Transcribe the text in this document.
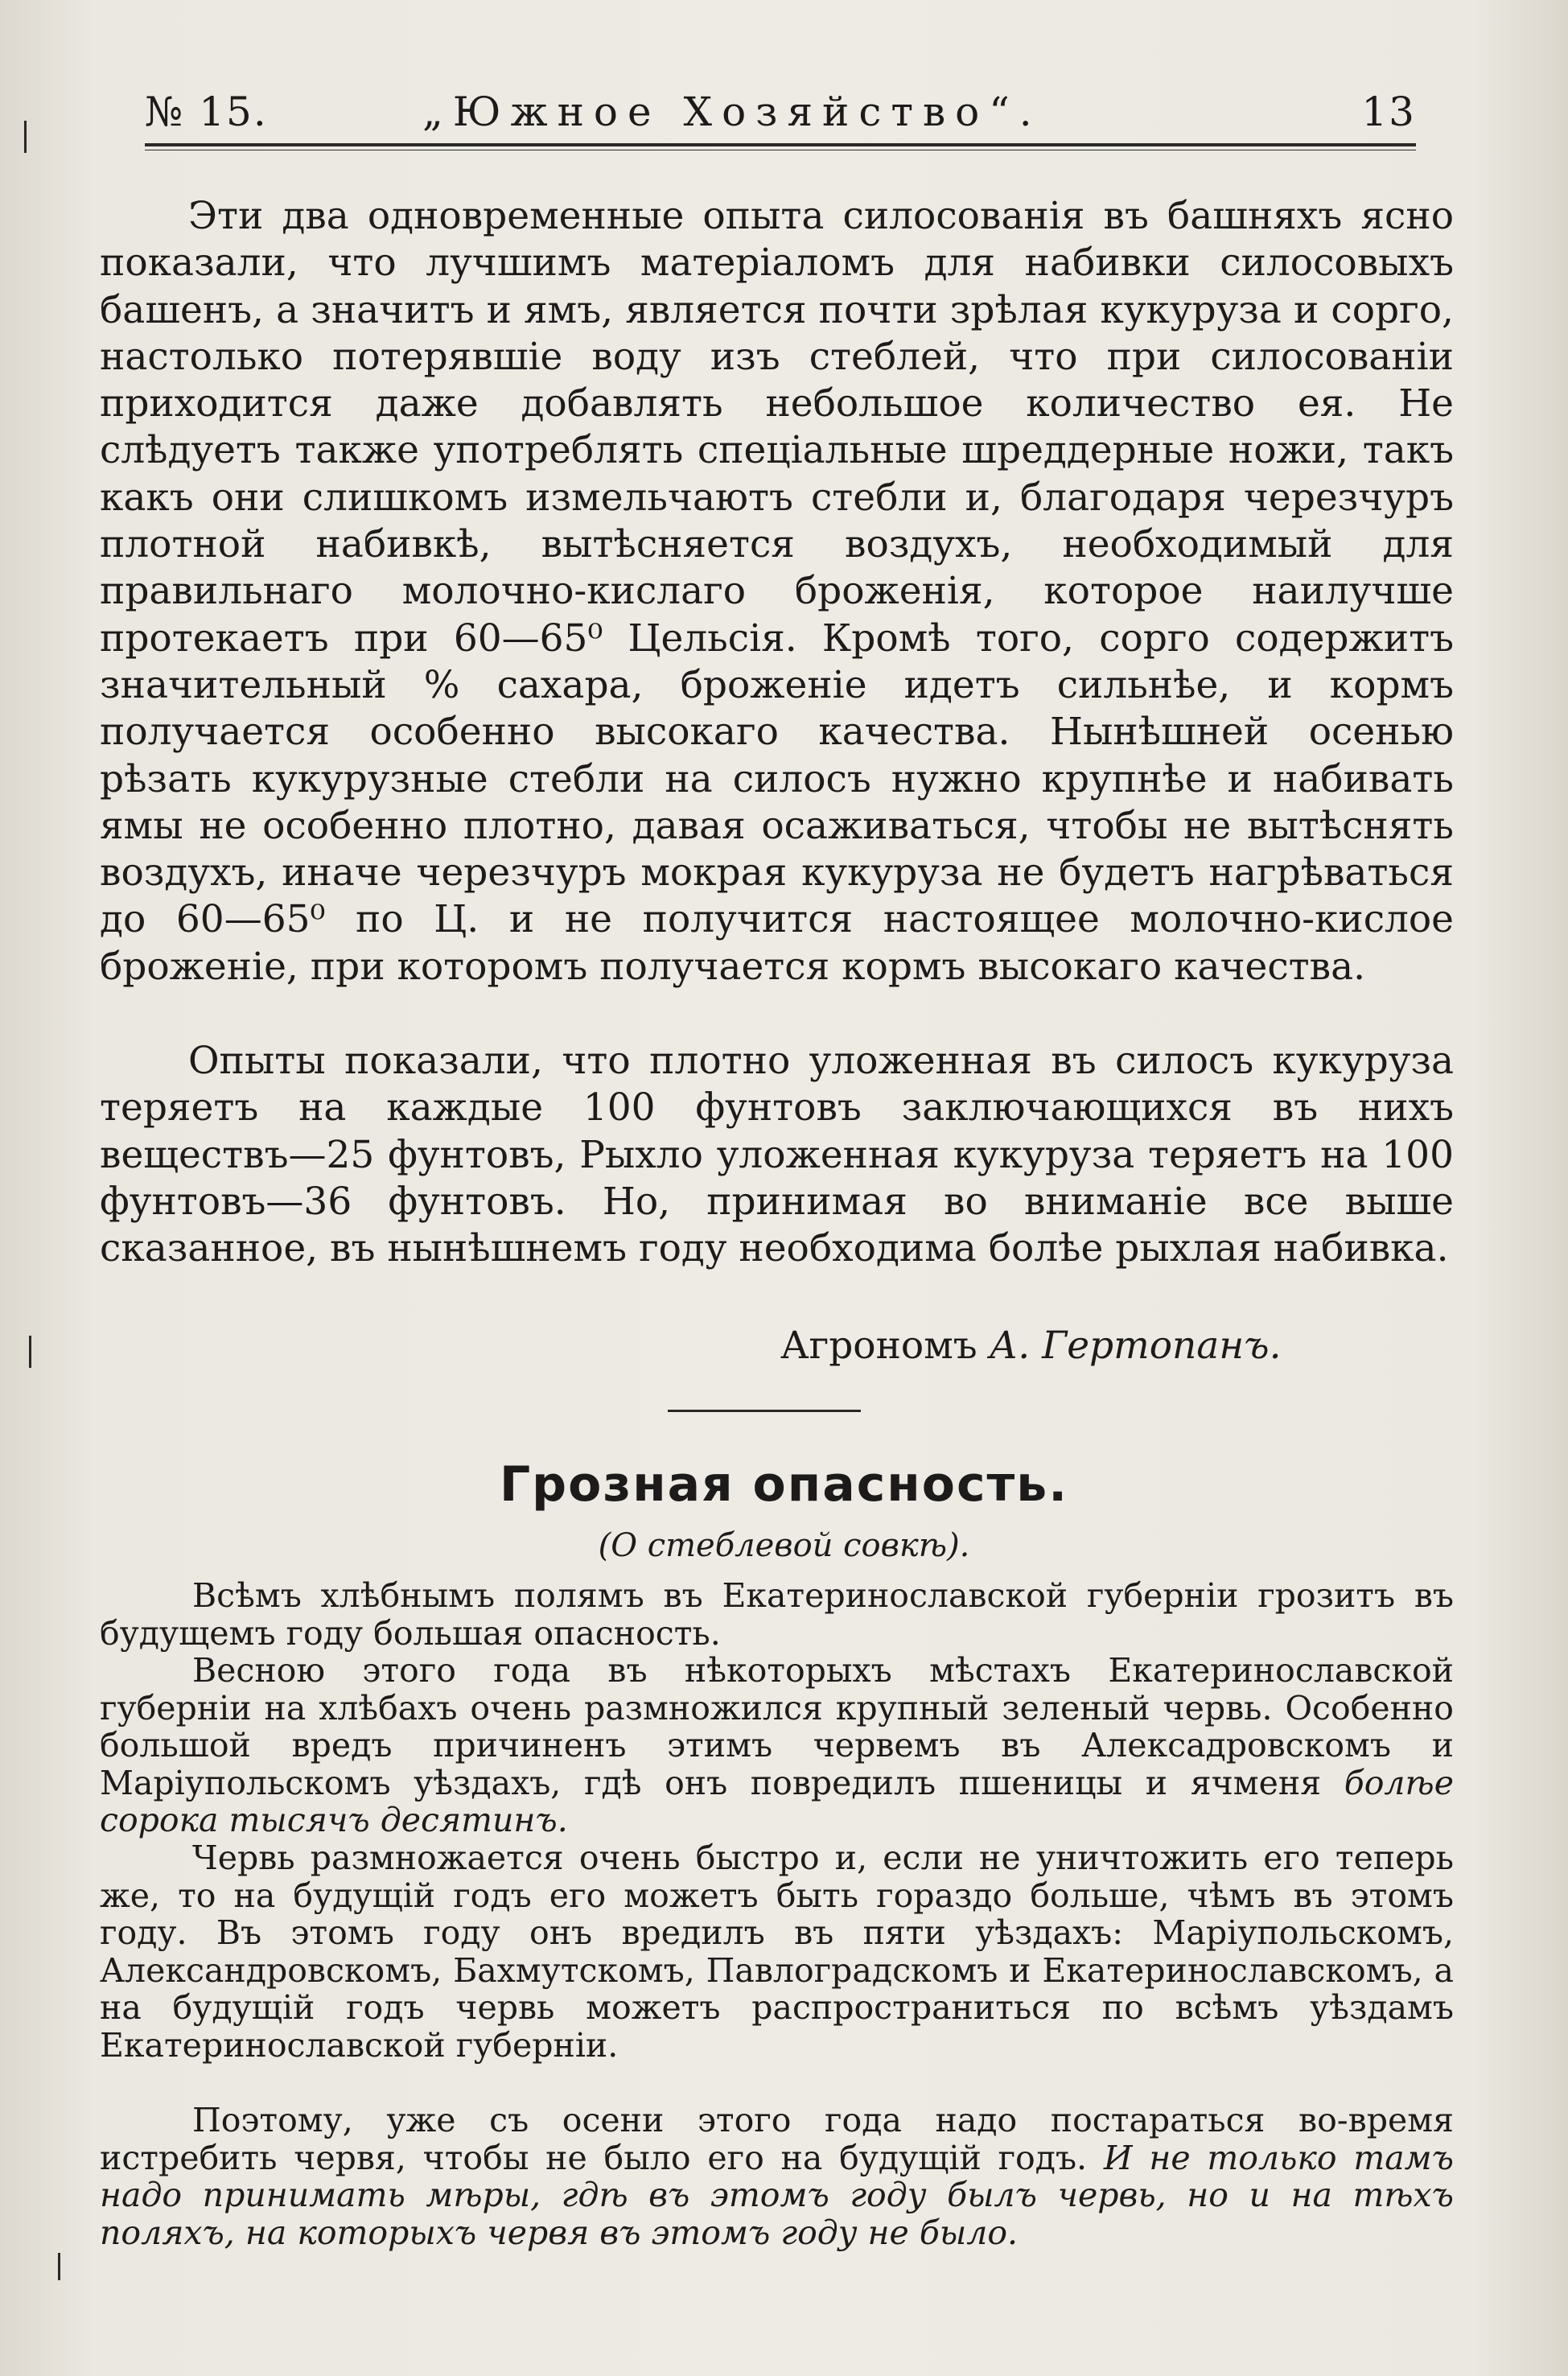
№ 15.	„Южное Хозяйство“.	13

Эти два одновременные опыта силосованія въ башняхъ ясно показали, что лучшимъ матеріаломъ для набивки силосовыхъ башенъ, а значитъ и ямъ, является почти зрѣлая кукуруза и сорго, настолько потерявшіе воду изъ стеблей, что при силосованіи приходится даже добавлять небольшое количество ея. Не слѣдуетъ также употреблять спеціальные шреддерные ножи, такъ какъ они слишкомъ измельчаютъ стебли и, благодаря черезчуръ плотной набивкѣ, вытѣсняется воздухъ, необходимый для правильнаго молочно-кислаго броженія, которое наилучше протекаетъ при 60—65⁰ Цельсія. Кромѣ того, сорго содержитъ значительный % сахара, броженіе идетъ сильнѣе, и кормъ получается особенно высокаго качества. Нынѣшней осенью рѣзать кукурузные стебли на силосъ нужно крупнѣе и набивать ямы не особенно плотно, давая осаживаться, чтобы не вытѣснять воздухъ, иначе черезчуръ мокрая кукуруза не будетъ нагрѣваться до 60—65⁰ по Ц. и не получится настоящее молочно-кислое броженіе, при которомъ получается кормъ высокаго качества.

Опыты показали, что плотно уложенная въ силосъ кукуруза теряетъ на каждые 100 фунтовъ заключающихся въ нихъ веществъ—25 фунтовъ, Рыхло уложенная кукуруза теряетъ на 100 фунтовъ—36 фунтовъ. Но, принимая во вниманіе все выше сказанное, въ нынѣшнемъ году необходима болѣе рыхлая набивка.

Агрономъ А. Гертопанъ.
Грозная опасность.
(О стеблевой совкѣ).

Всѣмъ хлѣбнымъ полямъ въ Екатеринославской губерніи грозитъ въ будущемъ году большая опасность.

Весною этого года въ нѣкоторыхъ мѣстахъ Екатеринославской губерніи на хлѣбахъ очень размножился крупный зеленый червь. Особенно большой вредъ причиненъ этимъ червемъ въ Алексадровскомъ и Маріупольскомъ уѣздахъ, гдѣ онъ повредилъ пшеницы и ячменя болѣе сорока тысячъ десятинъ.

Червь размножается очень быстро и, если не уничтожить его теперь же, то на будущій годъ его можетъ быть гораздо больше, чѣмъ въ этомъ году. Въ этомъ году онъ вредилъ въ пяти уѣздахъ: Маріупольскомъ, Александровскомъ, Бахмутскомъ, Павлоградскомъ и Екатеринославскомъ, а на будущій годъ червь можетъ распространиться по всѣмъ уѣздамъ Екатеринославской губерніи.

Поэтому, уже съ осени этого года надо постараться во-время истребить червя, чтобы не было его на будущій годъ. И не только тамъ надо принимать мѣры, гдѣ въ этомъ году былъ червь, но и на тѣхъ поляхъ, на которыхъ червя въ этомъ году не было.
